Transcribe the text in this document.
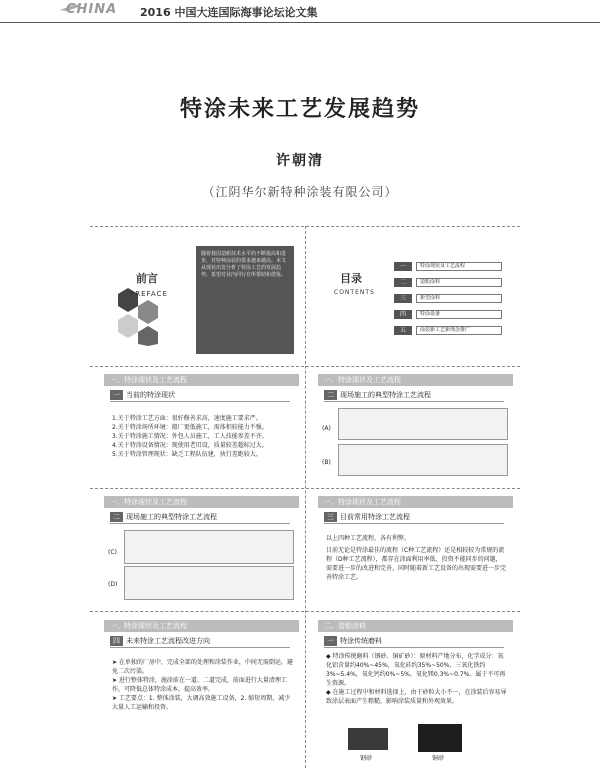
CHINA 2016 中国大连国际海事论坛论文集
特涂未来工艺发展趋势
许朝清
（江阴华尔新特种涂装有限公司）
前言
PREFACE
随着我国造船技术水平的不断提高和进步，对特种涂装的要求越来越高。本文从现状出发分析了特涂工艺的发展趋势，希望对业内同行有所帮助和借鉴。	目录
CONTENTS
一	特涂现状及工艺流程
二	造船涂料
三	新型涂料
四	特涂设备
五	涂装新工艺新理念推广
一、特涂现状及工艺流程
一 当前的特涂现状
1.关于特涂工艺方面：很好修善求高，速度施工要求严。
2.关于特涂场所环境：船厂更低施工，需体积较能力不强。
3.关于特涂施工情况：外包人员施工，工人技能参差不齐。
4.关于特涂设备情况：现使用老旧设，质量较差超标过大。
5.关于特涂管理现状：缺乏工程队伍建，执行差距较大。
一、特涂现状及工艺流程
二 现场施工的典型特涂工艺流程
(A)
(B)
一、特涂现状及工艺流程
二 现场施工的典型特涂工艺流程
(C)
(D)
一、特涂现状及工艺流程
三 目前常用特涂工艺流程
以上四种工艺流程，各有利弊。
目前无论是特涂最佳的流程（C种工艺流程）还是相较较为常规的流程（D种工艺流程），都存在涂面利用率低、投资不能同步的问题，需要进一步的改进和完善，同时随着新工艺设备的出现需要进一步完善特涂工艺。
一、特涂现状及工艺流程
四 未来特涂工艺流程改进方向
➤ 在单独的厂房中，完成全部的处理和涂装作业，中间无需倒运，避免二次污染。
➤ 进行整体特涂，施涂前在一道、二道完成，前面进行大量清理工作，可降低总体特涂成本，提高效率。
➤ 工艺要点：1. 整体涂装，大调高效施工设备，2. 缩短周期，减少大量人工运输和投资。
二、造船涂料
一 特涂传统磨料
◆ 特涂传统磨料（钢砂、铜矿砂）：原材料产地分布，化学成分：氧化铝含量约40%~45%，氧化硅约35%~50%，三氧化铁约3%~5.4%，氧化钙约0%~5%，氧化镁0.3%~0.7%。属于不可再生资源。
◆ 在施工过程中和材料选择上，由于砂粒大小不一，在涂装后容易导致涂层表面产生粗糙，影响涂装质量和外观效果。
钢砂	铜砂
